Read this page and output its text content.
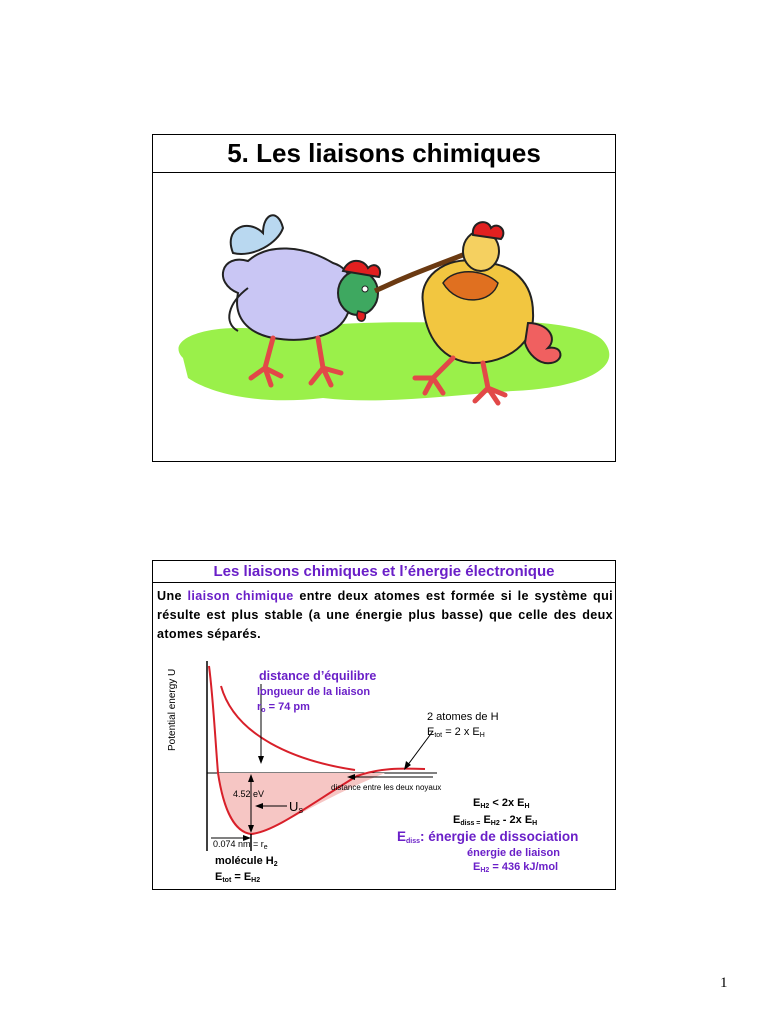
5. Les liaisons chimiques
Les liaisons chimiques et l’énergie électronique
Une liaison chimique entre deux atomes est formée si le système qui résulte est plus stable (a une énergie plus basse) que celle des deux atomes séparés.
Potential energy U
4.52 eV
$U_S$
0.074 nm = $r_e$
distance d’équilibre
longueur de la liaison
$r_o = 74$ pm
2 atomes de H
$E_{tot} = 2$ x $E_H$
distance entre les deux noyaux
$E_{H2} < 2x$ $E_H$
$E_{diss =}$ $E_{H2} - 2x$ $E_H$
$E_{diss}$: énergie de dissociation
énergie de liaison
$E_{H2} = 436$ kJ/mol
molécule $H_2$
$E_{tot} = E_{H2}$
1
